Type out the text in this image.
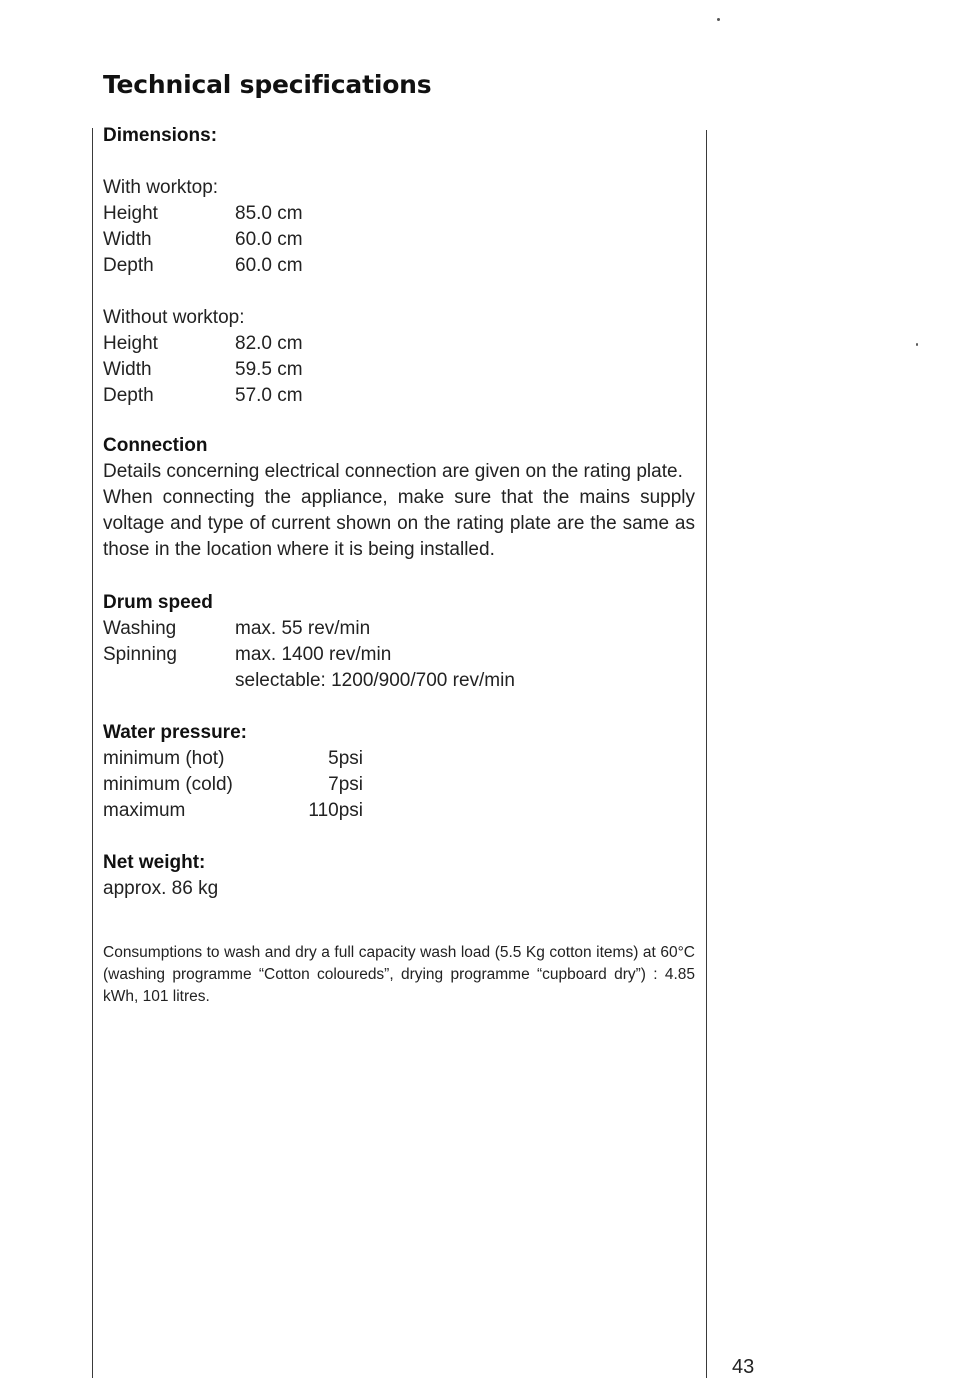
Technical specifications
Dimensions:
With worktop:
Height	85.0 cm
Width	60.0 cm
Depth	60.0 cm
Without worktop:
Height	82.0 cm
Width	59.5 cm
Depth	57.0 cm
Connection

Details concerning electrical connection are given on the rating plate.

When connecting the appliance, make sure that the mains supply voltage and type of current shown on the rating plate are the same as those in the location where it is being installed.

Drum speed
Washing	max. 55 rev/min
Spinning	max. 1400 rev/min
selectable: 1200/900/700 rev/min
Water pressure:
minimum (hot)	5psi
minimum (cold)	7psi
maximum	110psi
Net weight:
approx. 86 kg

Consumptions to wash and dry a full capacity wash load (5.5 Kg cotton items) at 60°C (washing programme “Cotton coloureds”, drying programme “cupboard dry”) : 4.85 kWh, 101 litres.

43
